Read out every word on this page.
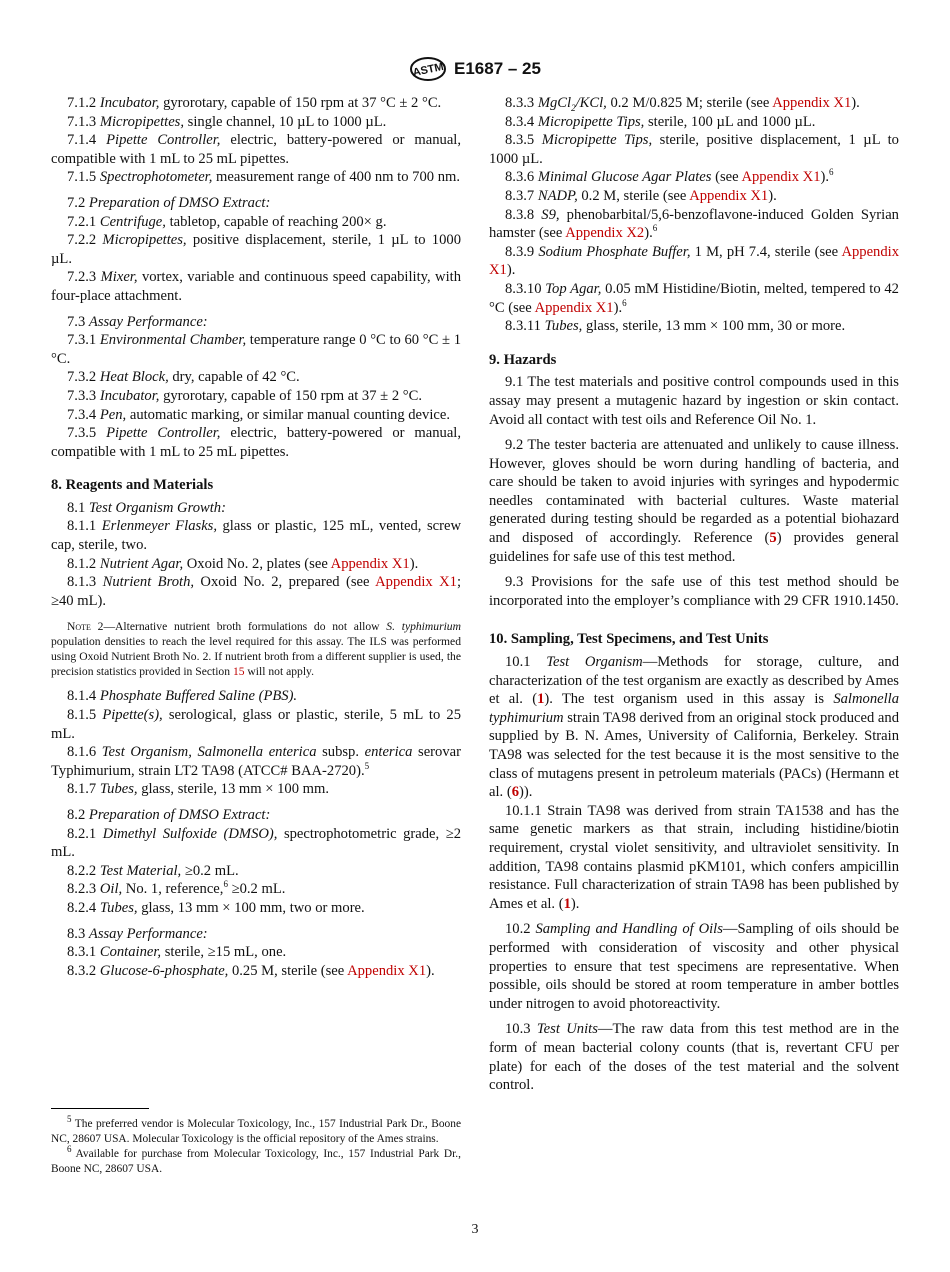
ASTM E1687 – 25

7.1.2 Incubator, gyrorotary, capable of 150 rpm at 37 °C ± 2 °C.

7.1.3 Micropipettes, single channel, 10 µL to 1000 µL.

7.1.4 Pipette Controller, electric, battery-powered or manual, compatible with 1 mL to 25 mL pipettes.

7.1.5 Spectrophotometer, measurement range of 400 nm to 700 nm.

7.2 Preparation of DMSO Extract:

7.2.1 Centrifuge, tabletop, capable of reaching 200× g.

7.2.2 Micropipettes, positive displacement, sterile, 1 µL to 1000 µL.

7.2.3 Mixer, vortex, variable and continuous speed capability, with four-place attachment.

7.3 Assay Performance:

7.3.1 Environmental Chamber, temperature range 0 °C to 60 °C ± 1 °C.

7.3.2 Heat Block, dry, capable of 42 °C.

7.3.3 Incubator, gyrorotary, capable of 150 rpm at 37 ± 2 °C.

7.3.4 Pen, automatic marking, or similar manual counting device.

7.3.5 Pipette Controller, electric, battery-powered or manual, compatible with 1 mL to 25 mL pipettes.

8. Reagents and Materials

8.1 Test Organism Growth:

8.1.1 Erlenmeyer Flasks, glass or plastic, 125 mL, vented, screw cap, sterile, two.

8.1.2 Nutrient Agar, Oxoid No. 2, plates (see Appendix X1).

8.1.3 Nutrient Broth, Oxoid No. 2, prepared (see Appendix X1; ≥40 mL).

Note 2—Alternative nutrient broth formulations do not allow S. typhimurium population densities to reach the level required for this assay. The ILS was performed using Oxoid Nutrient Broth No. 2. If nutrient broth from a different supplier is used, the precision statistics provided in Section 15 will not apply.

8.1.4 Phosphate Buffered Saline (PBS).

8.1.5 Pipette(s), serological, glass or plastic, sterile, 5 mL to 25 mL.

8.1.6 Test Organism, Salmonella enterica subsp. enterica serovar Typhimurium, strain LT2 TA98 (ATCC# BAA-2720).$^5$

8.1.7 Tubes, glass, sterile, 13 mm × 100 mm.

8.2 Preparation of DMSO Extract:

8.2.1 Dimethyl Sulfoxide (DMSO), spectrophotometric grade, ≥2 mL.

8.2.2 Test Material, ≥0.2 mL.

8.2.3 Oil, No. 1, reference,$^6$ ≥0.2 mL.

8.2.4 Tubes, glass, 13 mm × 100 mm, two or more.

8.3 Assay Performance:

8.3.1 Container, sterile, ≥15 mL, one.

8.3.2 Glucose-6-phosphate, 0.25 M, sterile (see Appendix X1).

$^5$ The preferred vendor is Molecular Toxicology, Inc., 157 Industrial Park Dr., Boone NC, 28607 USA. Molecular Toxicology is the official repository of the Ames strains.

$^6$ Available for purchase from Molecular Toxicology, Inc., 157 Industrial Park Dr., Boone NC, 28607 USA.

8.3.3 MgCl$_2$/KCl, 0.2 M/0.825 M; sterile (see Appendix X1).

8.3.4 Micropipette Tips, sterile, 100 µL and 1000 µL.

8.3.5 Micropipette Tips, sterile, positive displacement, 1 µL to 1000 µL.

8.3.6 Minimal Glucose Agar Plates (see Appendix X1).$^6$

8.3.7 NADP, 0.2 M, sterile (see Appendix X1).

8.3.8 S9, phenobarbital/5,6-benzoflavone-induced Golden Syrian hamster (see Appendix X2).$^6$

8.3.9 Sodium Phosphate Buffer, 1 M, pH 7.4, sterile (see Appendix X1).

8.3.10 Top Agar, 0.05 mM Histidine/Biotin, melted, tempered to 42 °C (see Appendix X1).$^6$

8.3.11 Tubes, glass, sterile, 13 mm × 100 mm, 30 or more.

9. Hazards

9.1 The test materials and positive control compounds used in this assay may present a mutagenic hazard by ingestion or skin contact. Avoid all contact with test oils and Reference Oil No. 1.

9.2 The tester bacteria are attenuated and unlikely to cause illness. However, gloves should be worn during handling of bacteria, and care should be taken to avoid injuries with syringes and hypodermic needles contaminated with bacterial cultures. Waste material generated during testing should be regarded as a potential biohazard and disposed of accordingly. Reference (5) provides general guidelines for safe use of this test method.

9.3 Provisions for the safe use of this test method should be incorporated into the employer’s compliance with 29 CFR 1910.1450.

10. Sampling, Test Specimens, and Test Units

10.1 Test Organism—Methods for storage, culture, and characterization of the test organism are exactly as described by Ames et al. (1). The test organism used in this assay is Salmonella typhimurium strain TA98 derived from an original stock produced and supplied by B. N. Ames, University of California, Berkeley. Strain TA98 was selected for the test because it is the most sensitive to the class of mutagens present in petroleum materials (PACs) (Hermann et al. (6)).

10.1.1 Strain TA98 was derived from strain TA1538 and has the same genetic markers as that strain, including histidine/biotin requirement, crystal violet sensitivity, and ultraviolet sensitivity. In addition, TA98 contains plasmid pKM101, which confers ampicillin resistance. Full characterization of strain TA98 has been published by Ames et al. (1).

10.2 Sampling and Handling of Oils—Sampling of oils should be performed with consideration of viscosity and other physical properties to ensure that test specimens are representative. When possible, oils should be stored at room temperature in amber bottles under nitrogen to avoid photoreactivity.

10.3 Test Units—The raw data from this test method are in the form of mean bacterial colony counts (that is, revertant CFU per plate) for each of the doses of the test material and the solvent control.

3
